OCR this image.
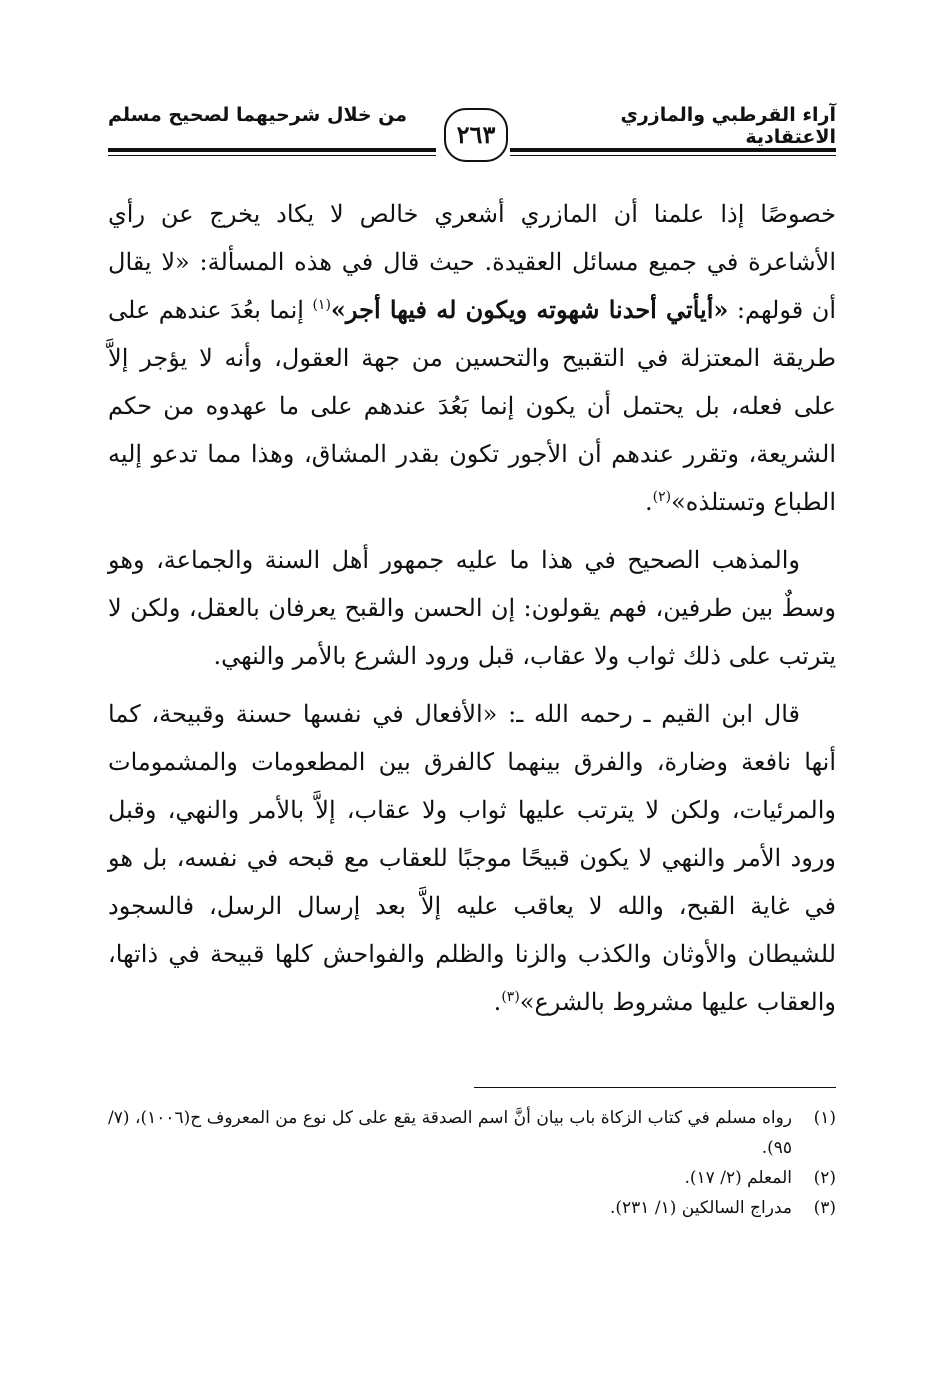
آراء القرطبي والمازري الاعتقادية
٢٦٣
من خلال شرحيهما لصحيح مسلم

خصوصًا إذا علمنا أن المازري أشعري خالص لا يكاد يخرج عن رأي الأشاعرة في جميع مسائل العقيدة. حيث قال في هذه المسألة: «لا يقال أن قولهم: «أيأتي أحدنا شهوته ويكون له فيها أجر»$^{(١)}$ إنما بعُدَ عندهم على طريقة المعتزلة في التقبيح والتحسين من جهة العقول، وأنه لا يؤجر إلاَّ على فعله، بل يحتمل أن يكون إنما بَعُدَ عندهم على ما عهدوه من حكم الشريعة، وتقرر عندهم أن الأجور تكون بقدر المشاق، وهذا مما تدعو إليه الطباع وتستلذه»$^{(٢)}$.

والمذهب الصحيح في هذا ما عليه جمهور أهل السنة والجماعة، وهو وسطٌ بين طرفين، فهم يقولون: إن الحسن والقبح يعرفان بالعقل، ولكن لا يترتب على ذلك ثواب ولا عقاب، قبل ورود الشرع بالأمر والنهي.

قال ابن القيم ـ رحمه الله ـ: «الأفعال في نفسها حسنة وقبيحة، كما أنها نافعة وضارة، والفرق بينهما كالفرق بين المطعومات والمشمومات والمرئيات، ولكن لا يترتب عليها ثواب ولا عقاب، إلاَّ بالأمر والنهي، وقبل ورود الأمر والنهي لا يكون قبيحًا موجبًا للعقاب مع قبحه في نفسه، بل هو في غاية القبح، والله لا يعاقب عليه إلاَّ بعد إرسال الرسل، فالسجود للشيطان والأوثان والكذب والزنا والظلم والفواحش كلها قبيحة في ذاتها، والعقاب عليها مشروط بالشرع»$^{(٣)}$.

(١)
رواه مسلم في كتاب الزكاة باب بيان أنَّ اسم الصدقة يقع على كل نوع من المعروف ح(١٠٠٦)، (٧/ ٩٥).
(٢)
المعلم (٢/ ١٧).
(٣)
مدراج السالكين (١/ ٢٣١).
